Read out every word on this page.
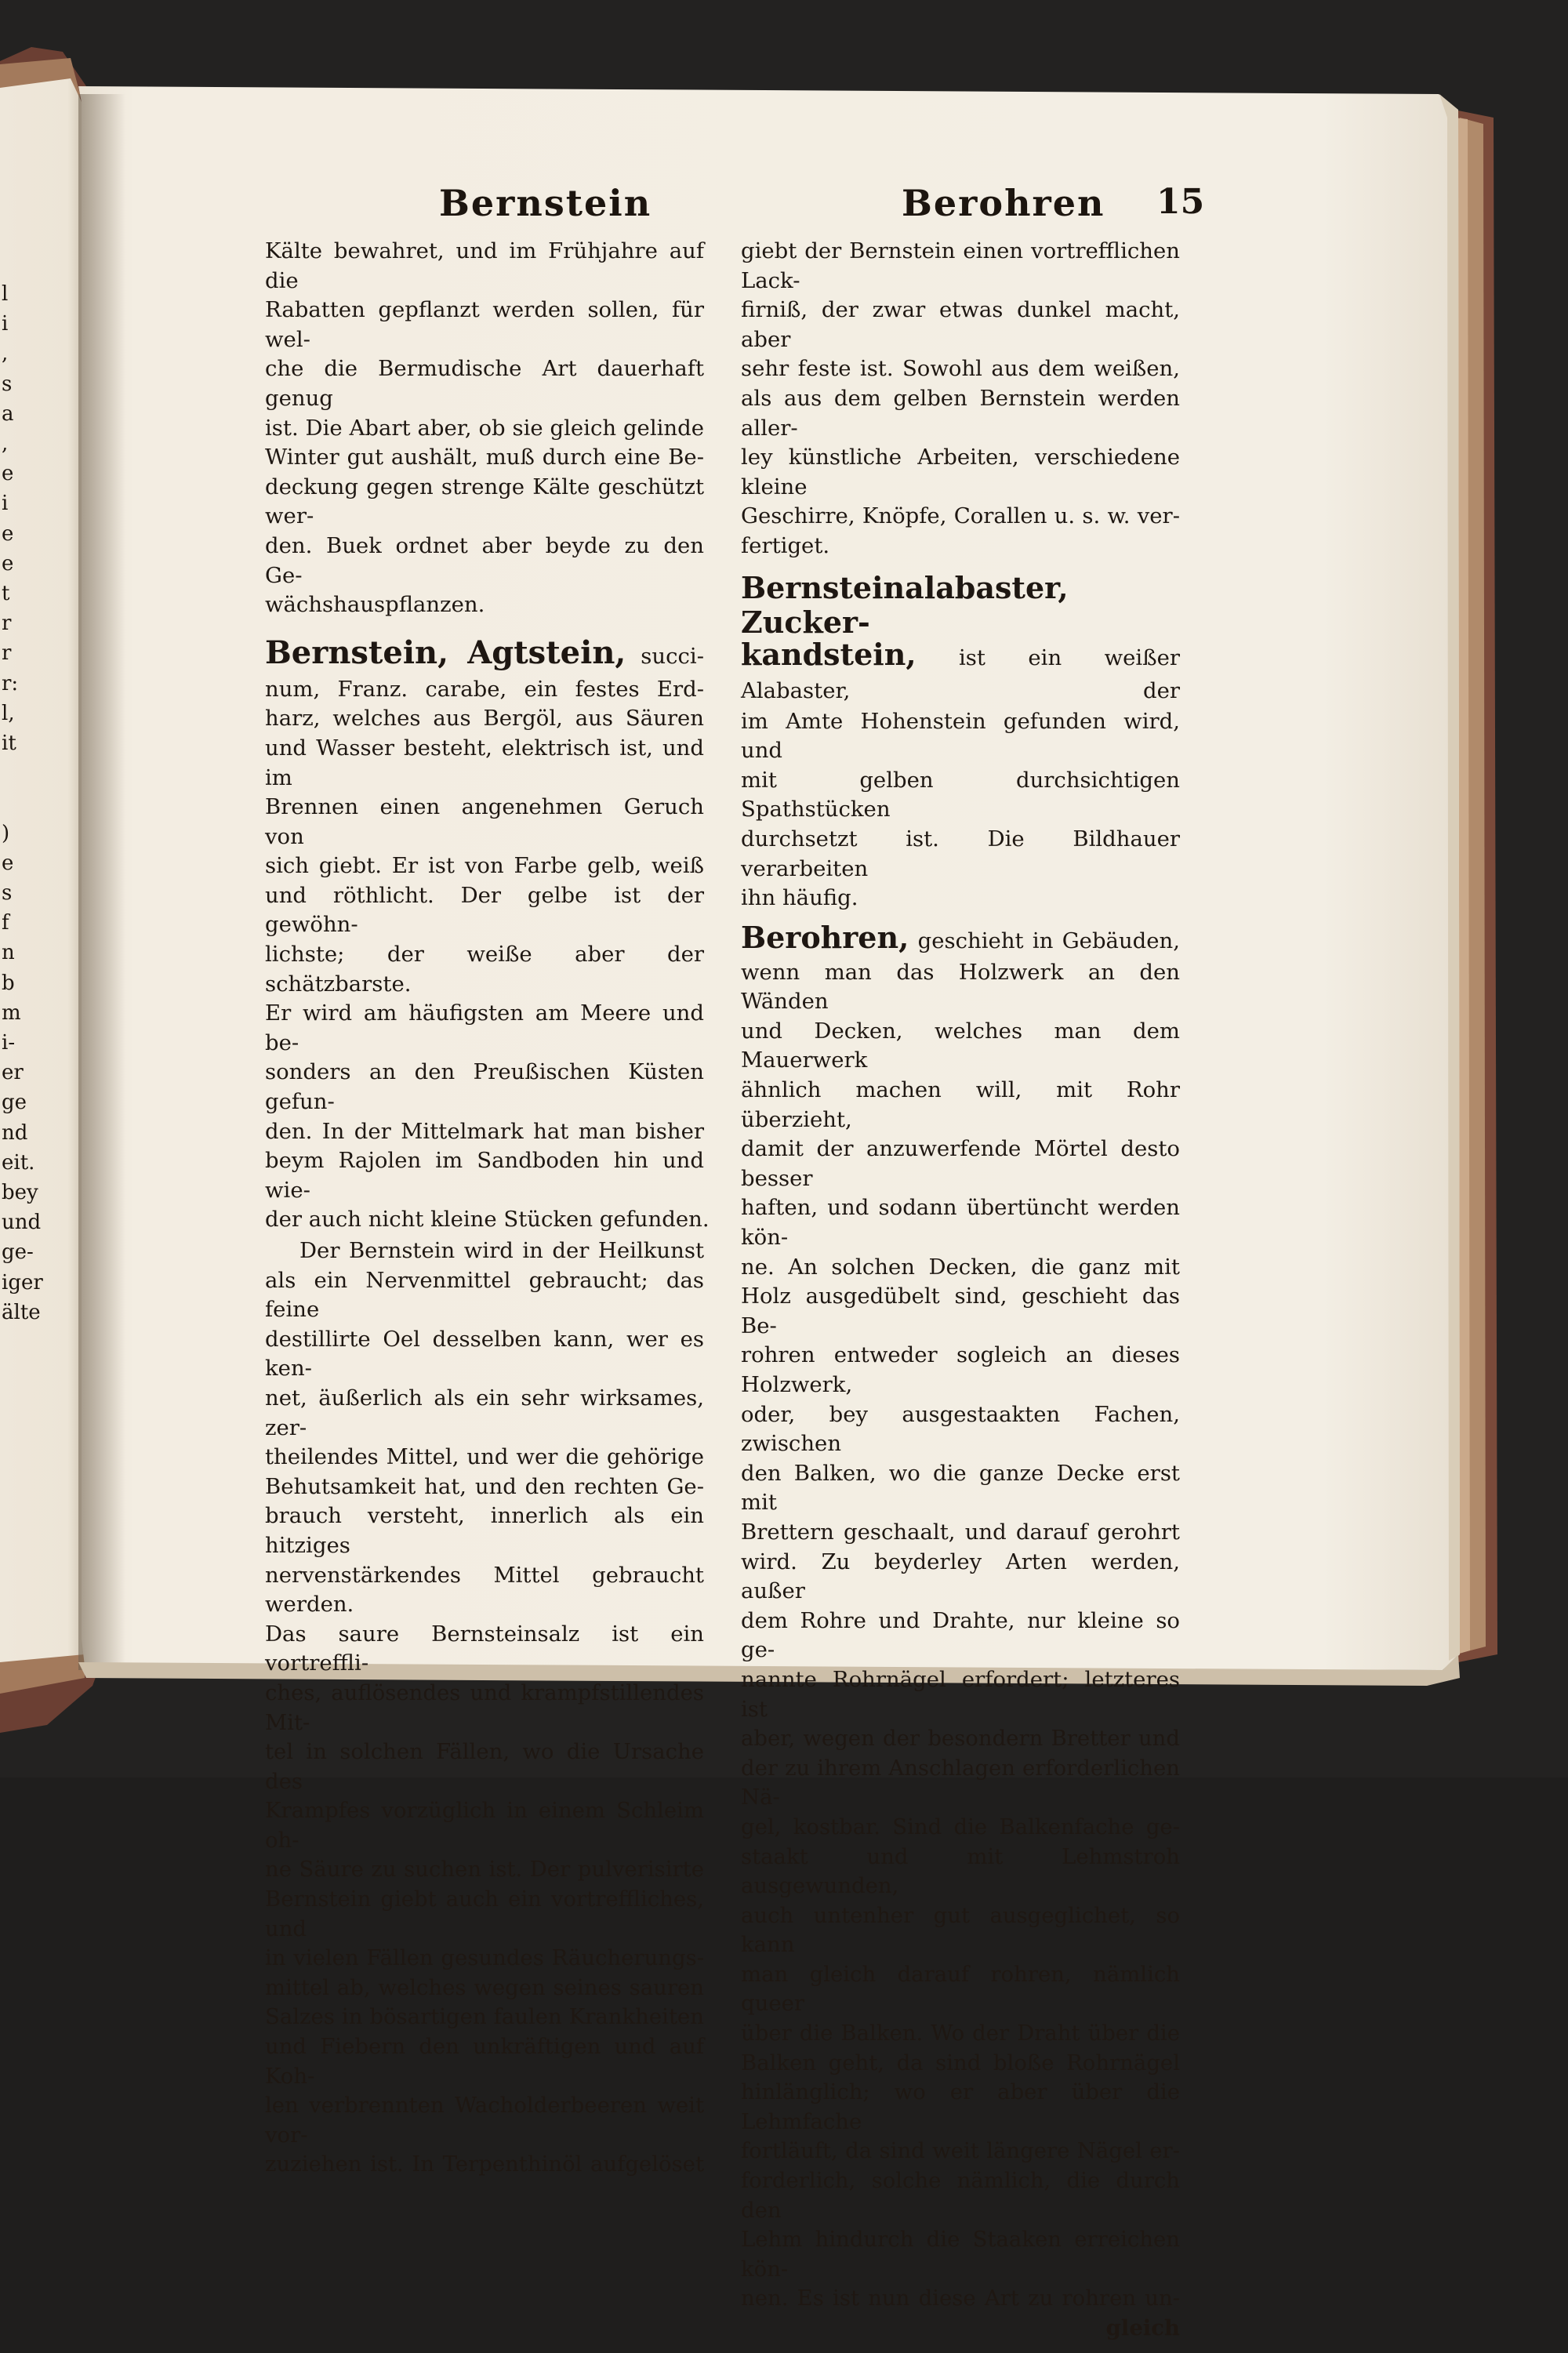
Bernstein	Berohren 15
l
i
,
s
a
,
e
i
e
e
t
r
r
r:
l,
it
)
e
s
f
n
b
m
i-
er
ge
nd
eit.
bey
und
ge-
iger
älte
Kälte bewahret, und im Frühjahre auf die
Rabatten gepflanzt werden sollen, für wel-
che die Bermudische Art dauerhaft genug
ist. Die Abart aber, ob sie gleich gelinde
Winter gut aushält, muß durch eine Be-
deckung gegen strenge Kälte geschützt wer-
den. Buek ordnet aber beyde zu den Ge-
wächshauspflanzen.
Bernstein, Agtstein, succi-
num, Franz. carabe, ein festes Erd-
harz, welches aus Bergöl, aus Säuren
und Wasser besteht, elektrisch ist, und im
Brennen einen angenehmen Geruch von
sich giebt. Er ist von Farbe gelb, weiß
und röthlicht. Der gelbe ist der gewöhn-
lichste; der weiße aber der schätzbarste.
Er wird am häufigsten am Meere und be-
sonders an den Preußischen Küsten gefun-
den. In der Mittelmark hat man bisher
beym Rajolen im Sandboden hin und wie-
der auch nicht kleine Stücken gefunden.
Der Bernstein wird in der Heilkunst
als ein Nervenmittel gebraucht; das feine
destillirte Oel desselben kann, wer es ken-
net, äußerlich als ein sehr wirksames, zer-
theilendes Mittel, und wer die gehörige
Behutsamkeit hat, und den rechten Ge-
brauch versteht, innerlich als ein hitziges
nervenstärkendes Mittel gebraucht werden.
Das saure Bernsteinsalz ist ein vortreffli-
ches, auflösendes und krampfstillendes Mit-
tel in solchen Fällen, wo die Ursache des
Krampfes vorzüglich in einem Schleim oh-
ne Säure zu suchen ist. Der pulverisirte
Bernstein giebt auch ein vortreffliches, und
in vielen Fällen gesundes Räucherungs-
mittel ab, welches wegen seines sauren
Salzes in bösartigen faulen Krankheiten
und Fiebern den unkräftigen und auf Koh-
len verbrennten Wacholderbeeren weit vor-
zuziehen ist. In Terpenthinöl aufgelöset
giebt der Bernstein einen vortrefflichen Lack-
firniß, der zwar etwas dunkel macht, aber
sehr feste ist. Sowohl aus dem weißen,
als aus dem gelben Bernstein werden aller-
ley künstliche Arbeiten, verschiedene kleine
Geschirre, Knöpfe, Corallen u. s. w. ver-
fertiget.
Bernsteinalabaster, Zucker-
kandstein, ist ein weißer Alabaster, der
im Amte Hohenstein gefunden wird, und
mit gelben durchsichtigen Spathstücken
durchsetzt ist. Die Bildhauer verarbeiten
ihn häufig.
Berohren, geschieht in Gebäuden,
wenn man das Holzwerk an den Wänden
und Decken, welches man dem Mauerwerk
ähnlich machen will, mit Rohr überzieht,
damit der anzuwerfende Mörtel desto besser
haften, und sodann übertüncht werden kön-
ne. An solchen Decken, die ganz mit
Holz ausgedübelt sind, geschieht das Be-
rohren entweder sogleich an dieses Holzwerk,
oder, bey ausgestaakten Fachen, zwischen
den Balken, wo die ganze Decke erst mit
Brettern geschaalt, und darauf gerohrt
wird. Zu beyderley Arten werden, außer
dem Rohre und Drahte, nur kleine so ge-
nannte Rohrnägel erfordert; letzteres ist
aber, wegen der besondern Bretter und
der zu ihrem Anschlagen erforderlichen Nä-
gel, kostbar. Sind die Balkenfache ge-
staakt und mit Lehmstroh ausgewunden,
auch untenher gut ausgeglichet, so kann
man gleich darauf rohren, nämlich queer
über die Balken. Wo der Draht über die
Balken geht, da sind bloße Rohrnägel
hinlänglich; wo er aber über die Lehmfache
fortläuft, da sind weit längere Nägel er-
forderlich, solche nämlich, die durch den
Lehm hindurch die Staaken erreichen kön-
nen. Es ist nun diese Art zu rohren un-
gleich
